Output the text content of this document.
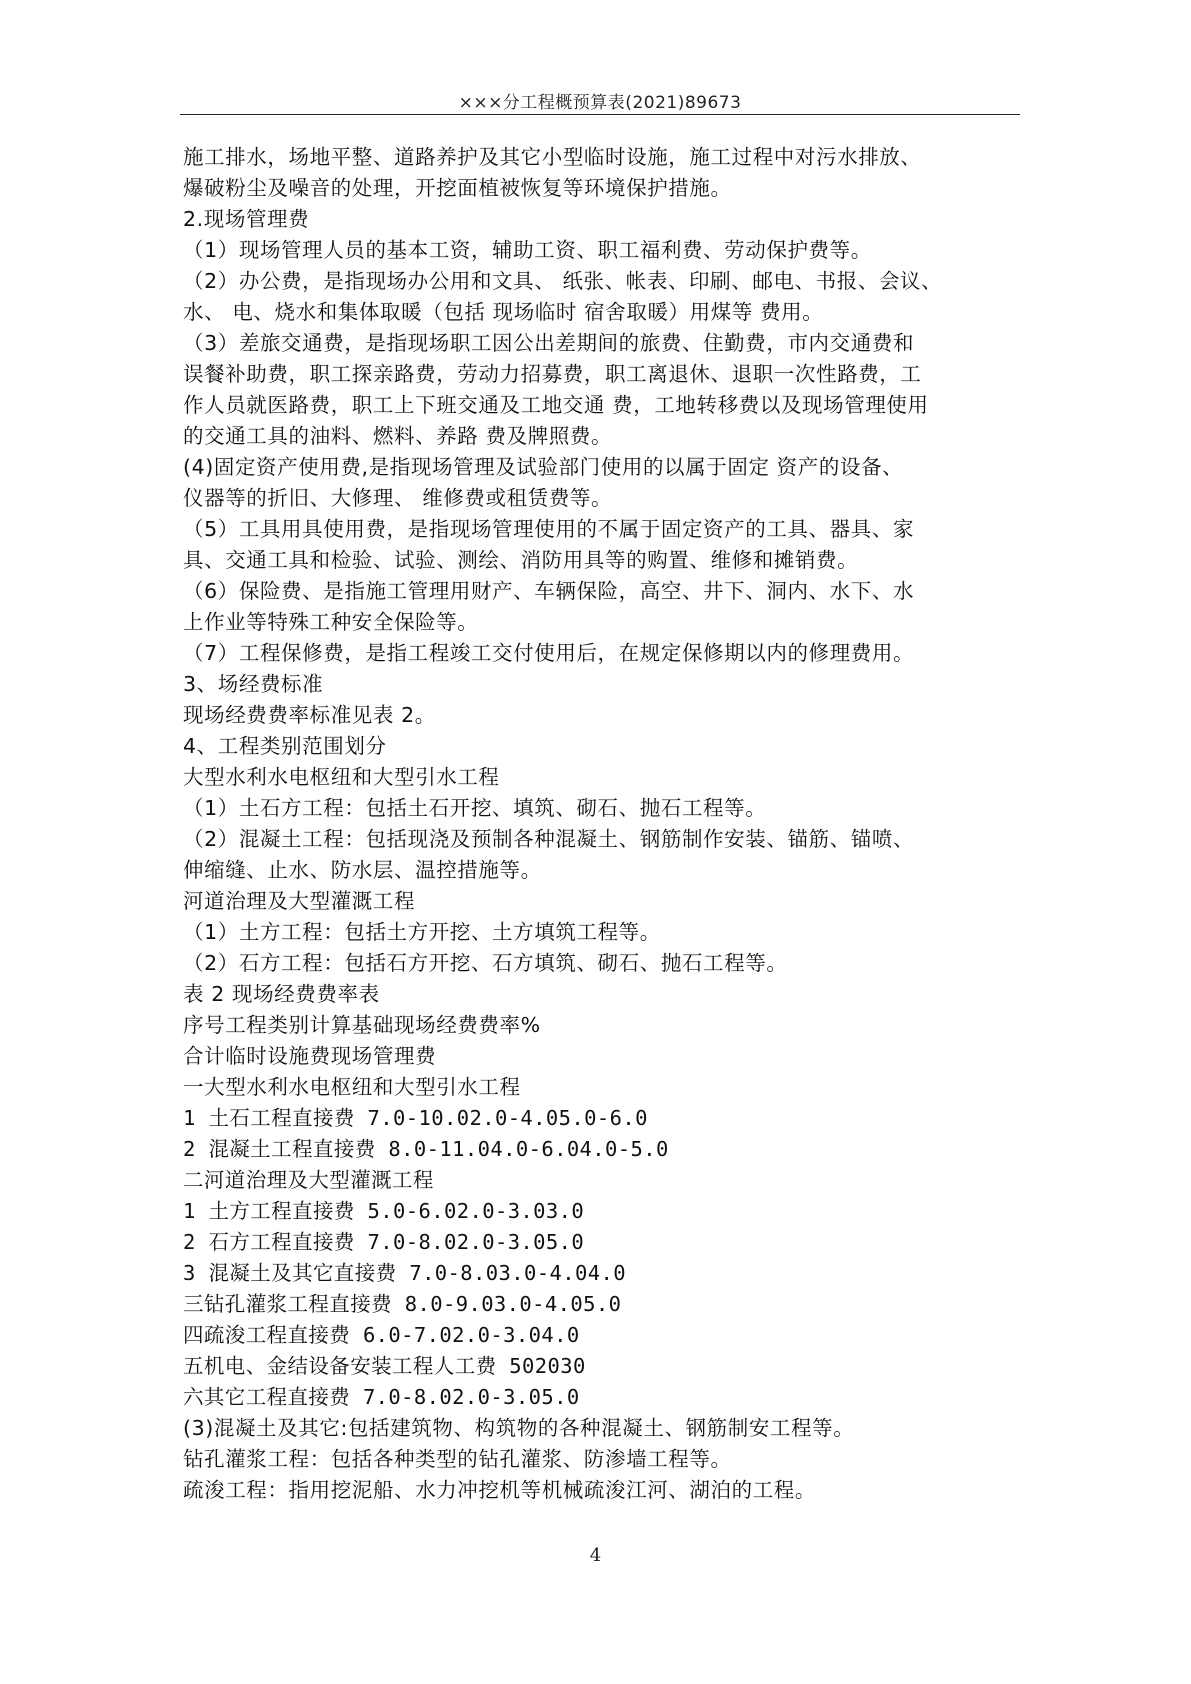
×××分工程概预算表(2021)89673
施工排水，场地平整、道路养护及其它小型临时设施，施工过程中对污水排放、
爆破粉尘及噪音的处理，开挖面植被恢复等环境保护措施。
2.现场管理费
（1）现场管理人员的基本工资，辅助工资、职工福利费、劳动保护费等。
（2）办公费，是指现场办公用和文具、 纸张、帐表、印刷、邮电、书报、会议、
水、 电、烧水和集体取暖（包括 现场临时 宿舍取暖）用煤等 费用。
（3）差旅交通费，是指现场职工因公出差期间的旅费、住勤费，市内交通费和
误餐补助费，职工探亲路费，劳动力招募费，职工离退休、退职一次性路费，工
作人员就医路费，职工上下班交通及工地交通 费，工地转移费以及现场管理使用
的交通工具的油料、燃料、养路 费及牌照费。
(4)固定资产使用费,是指现场管理及试验部门使用的以属于固定 资产的设备、
仪器等的折旧、大修理、 维修费或租赁费等。
（5）工具用具使用费，是指现场管理使用的不属于固定资产的工具、器具、家
具、交通工具和检验、试验、测绘、消防用具等的购置、维修和摊销费。
（6）保险费、是指施工管理用财产、车辆保险，高空、井下、洞内、水下、水
上作业等特殊工种安全保险等。
（7）工程保修费，是指工程竣工交付使用后，在规定保修期以内的修理费用。
3、场经费标准
现场经费费率标准见表 2。
4、工程类别范围划分
大型水利水电枢纽和大型引水工程
（1）土石方工程：包括土石开挖、填筑、砌石、抛石工程等。
（2）混凝土工程：包括现浇及预制各种混凝土、钢筋制作安装、锚筋、锚喷、
伸缩缝、止水、防水层、温控措施等。
河道治理及大型灌溉工程
（1）土方工程：包括土方开挖、土方填筑工程等。
（2）石方工程：包括石方开挖、石方填筑、砌石、抛石工程等。
表 2 现场经费费率表
序号工程类别计算基础现场经费费率%
合计临时设施费现场管理费
一大型水利水电枢纽和大型引水工程
1 土石工程直接费 7.0-10.02.0-4.05.0-6.0
2 混凝土工程直接费 8.0-11.04.0-6.04.0-5.0
二河道治理及大型灌溉工程
1 土方工程直接费 5.0-6.02.0-3.03.0
2 石方工程直接费 7.0-8.02.0-3.05.0
3 混凝土及其它直接费 7.0-8.03.0-4.04.0
三钻孔灌浆工程直接费 8.0-9.03.0-4.05.0
四疏浚工程直接费 6.0-7.02.0-3.04.0
五机电、金结设备安装工程人工费 502030
六其它工程直接费 7.0-8.02.0-3.05.0
(3)混凝土及其它:包括建筑物、构筑物的各种混凝土、钢筋制安工程等。
钻孔灌浆工程：包括各种类型的钻孔灌浆、防渗墙工程等。
疏浚工程：指用挖泥船、水力冲挖机等机械疏浚江河、湖泊的工程。
4
